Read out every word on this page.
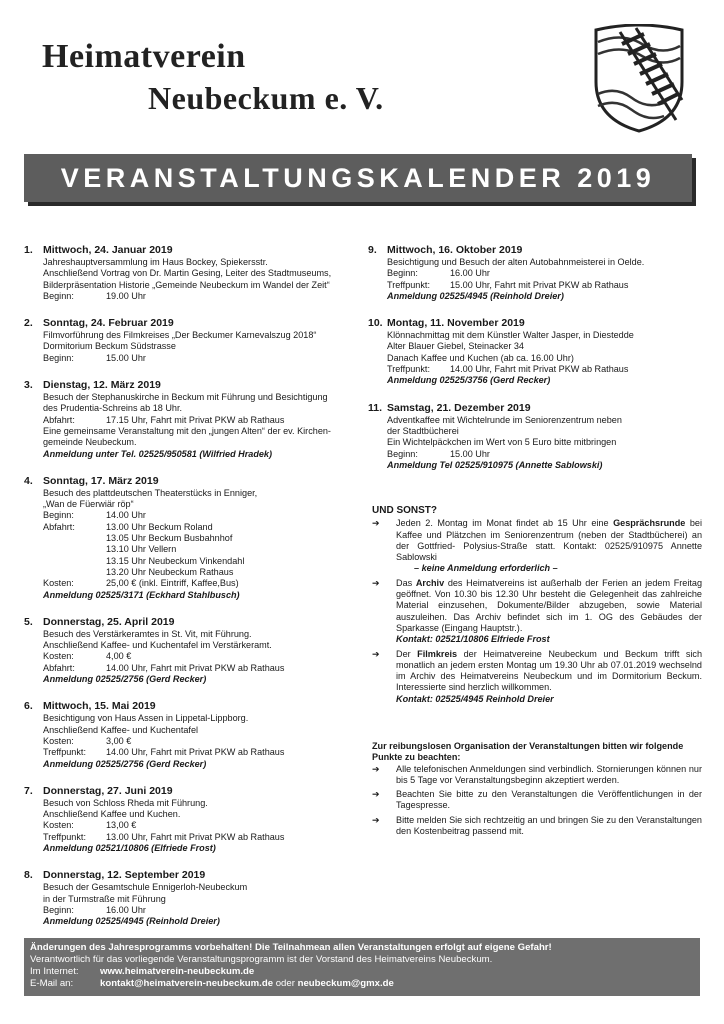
Heimatverein
Neubeckum e. V.
VERANSTALTUNGSKALENDER 2019
1. Mittwoch, 24. Januar 2019
Jahreshauptversammlung im Haus Bockey, Spiekersstr.
Anschließend Vortrag von Dr. Martin Gesing, Leiter des Stadtmuseums,
Bilderpräsentation Historie „Gemeinde Neubeckum im Wandel der Zeit“
Beginn:	19.00 Uhr
2. Sonntag, 24. Februar 2019
Filmvorführung des Filmkreises „Der Beckumer Karnevalszug 2018“
Dormitorium Beckum Südstrasse
Beginn:	15.00 Uhr
3. Dienstag, 12. März 2019
Besuch der Stephanuskirche in Beckum mit Führung und Besichtigung
des Prudentia-Schreins ab 18 Uhr.
Abfahrt:	17.15 Uhr, Fahrt mit Privat PKW ab Rathaus
Eine gemeinsame Veranstaltung mit den „jungen Alten“ der ev. Kirchen-
gemeinde Neubeckum.
Anmeldung unter Tel. 02525/950581 (Wilfried Hradek)
4. Sonntag, 17. März 2019
Besuch des plattdeutschen Theaterstücks in Enniger,
„Wan de Füerwiär röp“
Beginn:	14.00 Uhr
Abfahrt:	13.00 Uhr Beckum Roland
13.05 Uhr Beckum Busbahnhof
13.10 Uhr Vellern
13.15 Uhr Neubeckum Vinkendahl
13.20 Uhr Neubeckum Rathaus
Kosten:	25,00 € (inkl. Eintriff, Kaffee,Bus)
Anmeldung 02525/3171 (Eckhard Stahlbusch)
5. Donnerstag, 25. April 2019
Besuch des Verstärkeramtes in St. Vit, mit Führung.
Anschließend Kaffee- und Kuchentafel im Verstärkeramt.
Kosten:	4,00 €
Abfahrt:	14.00 Uhr, Fahrt mit Privat PKW ab Rathaus
Anmeldung 02525/2756 (Gerd Recker)
6. Mittwoch, 15. Mai 2019
Besichtigung von Haus Assen in Lippetal-Lippborg.
Anschließend Kaffee- und Kuchentafel
Kosten:	3,00 €
Treffpunkt:	14.00 Uhr, Fahrt mit Privat PKW ab Rathaus
Anmeldung 02525/2756 (Gerd Recker)
7. Donnerstag, 27. Juni 2019
Besuch von Schloss Rheda mit Führung.
Anschließend Kaffee und Kuchen.
Kosten:	13,00 €
Treffpunkt:	13.00 Uhr, Fahrt mit Privat PKW ab Rathaus
Anmeldung 02521/10806 (Elfriede Frost)
8. Donnerstag, 12. September 2019
Besuch der Gesamtschule Ennigerloh-Neubeckum
in der Turmstraße mit Führung
Beginn:	16.00 Uhr
Anmeldung 02525/4945 (Reinhold Dreier)
9. Mittwoch, 16. Oktober 2019
Besichtigung und Besuch der alten Autobahnmeisterei in Oelde.
Beginn:	16.00 Uhr
Treffpunkt:	15.00 Uhr, Fahrt mit Privat PKW ab Rathaus
Anmeldung 02525/4945 (Reinhold Dreier)
10. Montag, 11. November 2019
Klönnachmittag mit dem Künstler Walter Jasper, in Diestedde
Alter Blauer Giebel, Steinacker 34
Danach Kaffee und Kuchen (ab ca. 16.00 Uhr)
Treffpunkt:	14.00 Uhr, Fahrt mit Privat PKW ab Rathaus
Anmeldung 02525/3756 (Gerd Recker)
11. Samstag, 21. Dezember 2019
Adventkaffee mit Wichtelrunde im Seniorenzentrum neben
der Stadtbücherei
Ein Wichtelpäckchen im Wert von 5 Euro bitte mitbringen
Beginn:	15.00 Uhr
Anmeldung Tel 02525/910975 (Annette Sablowski)
UND SONST?
➔	Jeden 2. Montag im Monat findet ab 15 Uhr eine Gesprächsrunde bei Kaffee und Plätzchen im Seniorenzentrum (neben der Stadtbücherei) an der Gottfried- Polysius-Straße statt. Kontakt: 02525/910975 Annette Sablowski
– keine Anmeldung erforderlich –
➔	Das Archiv des Heimatvereins ist außerhalb der Ferien an jedem Freitag geöffnet. Von 10.30 bis 12.30 Uhr besteht die Gelegenheit das zahlreiche Material einzusehen, Dokumente/Bilder abzugeben, sowie Material auszuleihen. Das Archiv befindet sich im 1. OG des Gebäudes der Sparkasse (Eingang Hauptstr.).
Kontakt: 02521/10806 Elfriede Frost
➔	Der Filmkreis der Heimatvereine Neubeckum und Beckum trifft sich monatlich an jedem ersten Montag um 19.30 Uhr ab 07.01.2019 wechselnd im Archiv des Heimatvereins Neubeckum und im Dormitorium Beckum. Interessierte sind herzlich willkommen.
Kontakt: 02525/4945 Reinhold Dreier
Zur reibungslosen Organisation der Veranstaltungen bitten wir folgende Punkte zu beachten:
➔	Alle telefonischen Anmeldungen sind verbindlich. Stornierungen können nur bis 5 Tage vor Veranstaltungsbeginn akzeptiert werden.
➔	Beachten Sie bitte zu den Veranstaltungen die Veröffentlichungen in der Tagespresse.
➔	Bitte melden Sie sich rechtzeitig an und bringen Sie zu den Veranstaltungen den Kostenbeitrag passend mit.
Änderungen des Jahresprogramms vorbehalten! Die Teilnahmean allen Veranstaltungen erfolgt auf eigene Gefahr!
Verantwortlich für das vorliegende Veranstaltungsprogramm ist der Vorstand des Heimatvereins Neubeckum.
Im Internet:	www.heimatverein-neubeckum.de
E-Mail an:	kontakt@heimatverein-neubeckum.de oder neubeckum@gmx.de
